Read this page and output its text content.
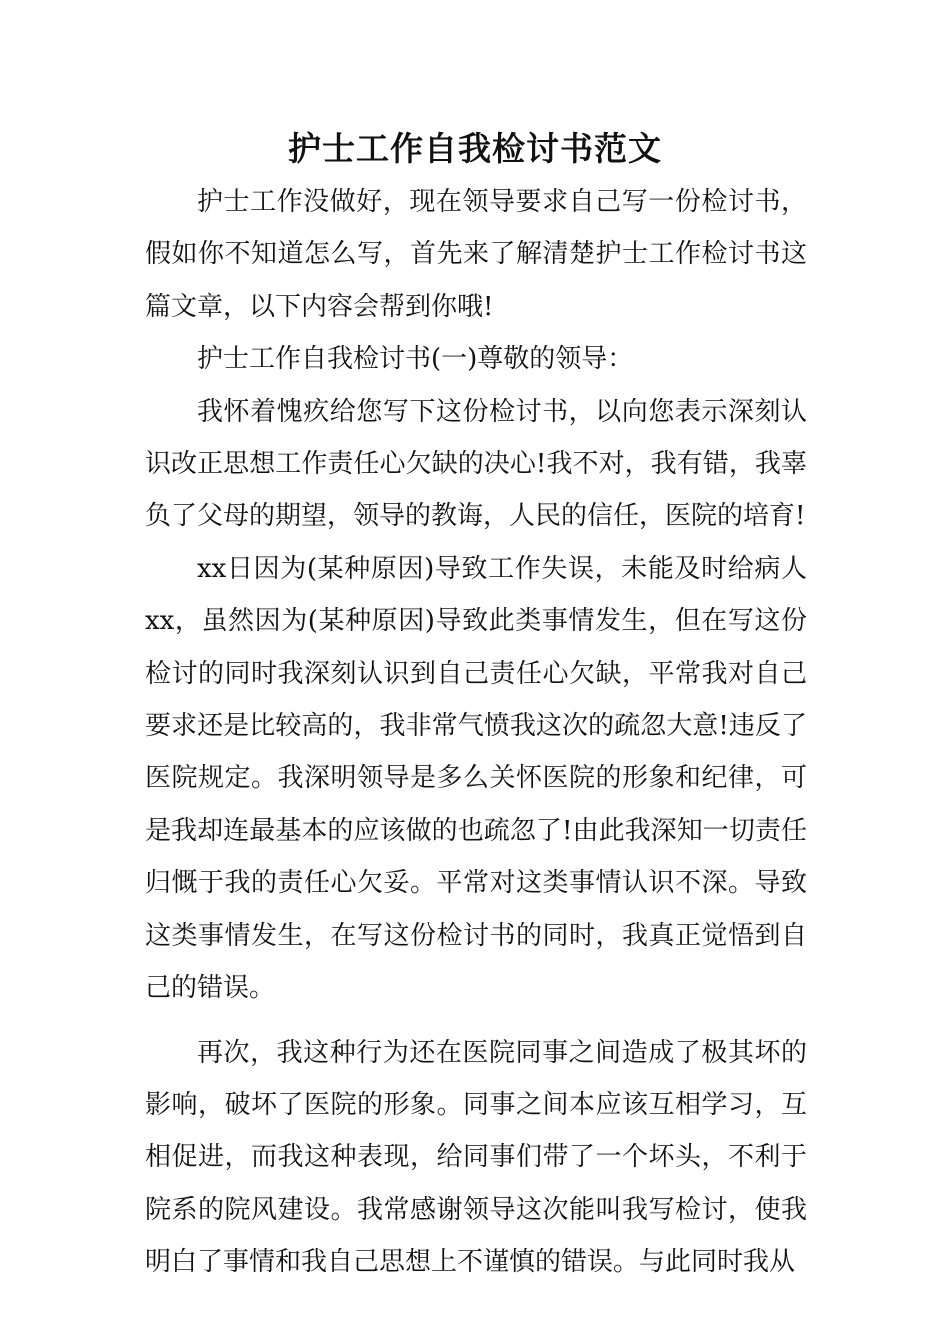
护士工作自我检讨书范文

护士工作没做好，现在领导要求自己写一份检讨书，假如你不知道怎么写，首先来了解清楚护士工作检讨书这篇文章，以下内容会帮到你哦!

护士工作自我检讨书(一)尊敬的领导：

我怀着愧疚给您写下这份检讨书，以向您表示深刻认识改正思想工作责任心欠缺的决心!我不对，我有错，我辜负了父母的期望，领导的教诲，人民的信任，医院的培育!

xx日因为(某种原因)导致工作失误，未能及时给病人xx，虽然因为(某种原因)导致此类事情发生，但在写这份检讨的同时我深刻认识到自己责任心欠缺，平常我对自己要求还是比较高的，我非常气愤我这次的疏忽大意!违反了医院规定。我深明领导是多么关怀医院的形象和纪律，可是我却连最基本的应该做的也疏忽了!由此我深知一切责任归慨于我的责任心欠妥。平常对这类事情认识不深。导致这类事情发生，在写这份检讨书的同时，我真正觉悟到自己的错误。

再次，我这种行为还在医院同事之间造成了极其坏的影响，破坏了医院的形象。同事之间本应该互相学习，互相促进，而我这种表现，给同事们带了一个坏头，不利于院系的院风建设。我常感谢领导这次能叫我写检讨，使我明白了事情和我自己思想上不谨慎的错误。与此同时我从
